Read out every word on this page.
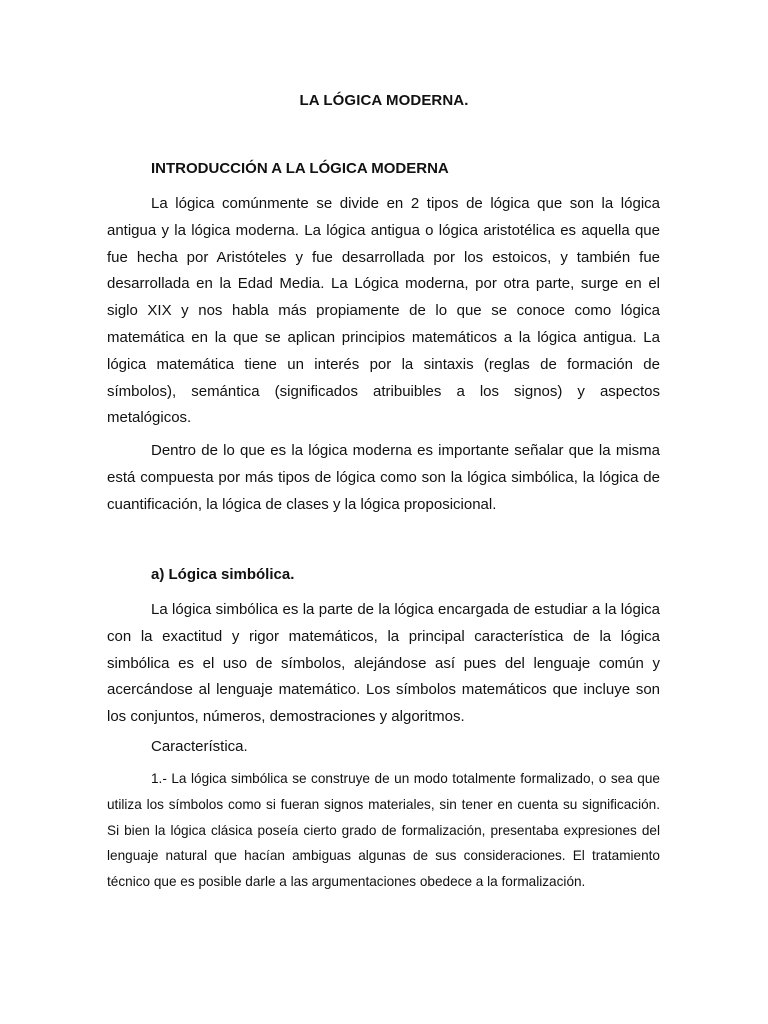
LA LÓGICA MODERNA.
INTRODUCCIÓN A LA LÓGICA MODERNA

La lógica comúnmente se divide en 2 tipos de lógica que son la lógica antigua y la lógica moderna. La lógica antigua o lógica aristotélica es aquella que fue hecha por Aristóteles y fue desarrollada por los estoicos, y también fue desarrollada en la Edad Media. La Lógica moderna, por otra parte, surge en el siglo XIX y nos habla más propiamente de lo que se conoce como lógica matemática en la que se aplican principios matemáticos a la lógica antigua. La lógica matemática tiene un interés por la sintaxis (reglas de formación de símbolos), semántica (significados atribuibles a los signos) y aspectos metalógicos.

Dentro de lo que es la lógica moderna es importante señalar que la misma está compuesta por más tipos de lógica como son la lógica simbólica, la lógica de cuantificación, la lógica de clases y la lógica proposicional.

a) Lógica simbólica.

La lógica simbólica es la parte de la lógica encargada de estudiar a la lógica con la exactitud y rigor matemáticos, la principal característica de la lógica simbólica es el uso de símbolos, alejándose así pues del lenguaje común y acercándose al lenguaje matemático. Los símbolos matemáticos que incluye son los conjuntos, números, demostraciones y algoritmos.

Característica.

1.- La lógica simbólica se construye de un modo totalmente formalizado, o sea que utiliza los símbolos como si fueran signos materiales, sin tener en cuenta su significación. Si bien la lógica clásica poseía cierto grado de formalización, presentaba expresiones del lenguaje natural que hacían ambiguas algunas de sus consideraciones. El tratamiento técnico que es posible darle a las argumentaciones obedece a la formalización.
